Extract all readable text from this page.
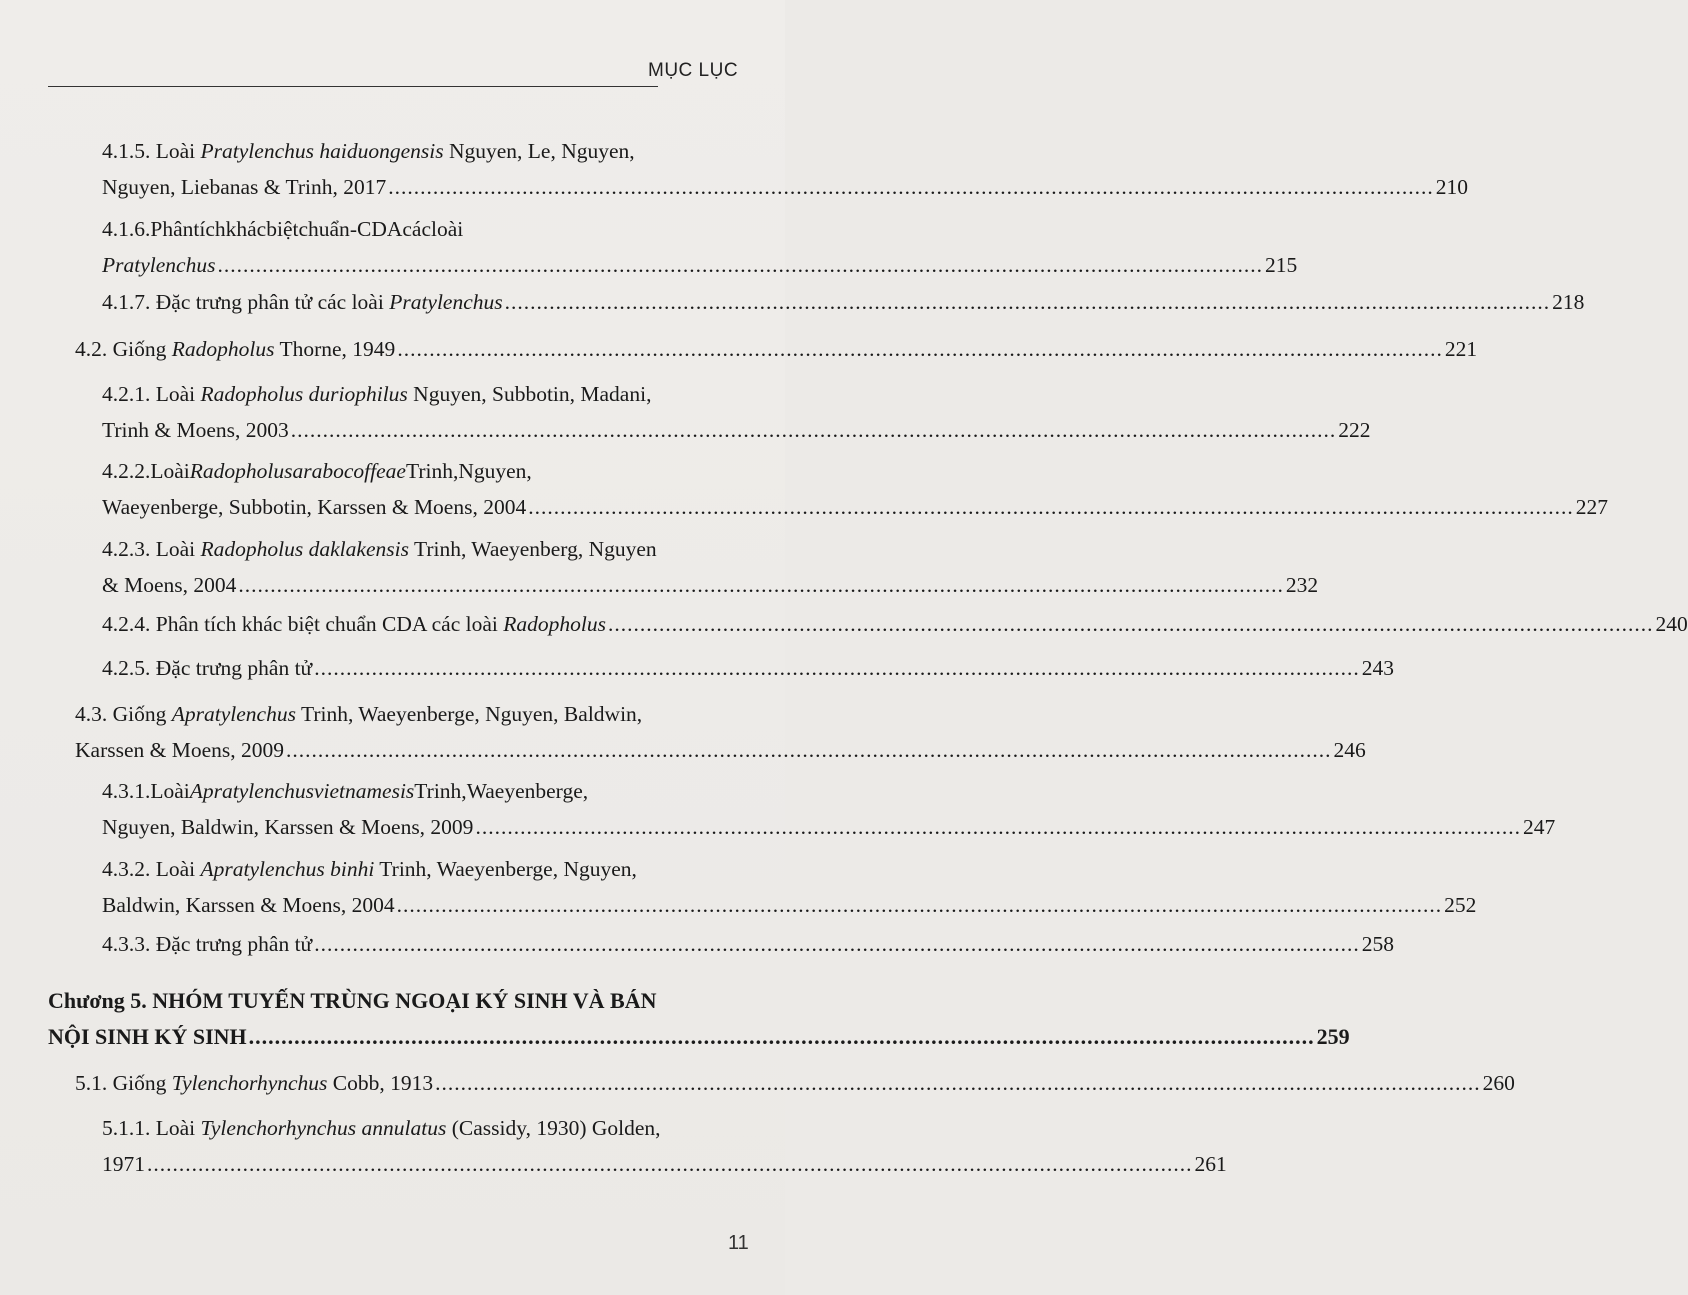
MỤC LỤC
4.1.5. Loài Pratylenchus haiduongensis Nguyen, Le, Nguyen,
Nguyen, Liebanas & Trinh, 2017 .....	210
4.1.6.Phântíchkhácbiệtchuẩn-CDAcácloài
Pratylenchus .....	215
4.1.7. Đặc trưng phân tử các loài Pratylenchus .....	218
4.2. Giống Radopholus Thorne, 1949 .....	221
4.2.1. Loài Radopholus duriophilus Nguyen, Subbotin, Madani,
Trinh & Moens, 2003 .....	222
4.2.2.LoàiRadopholusarabocoffeaeTrinh,Nguyen,
Waeyenberge, Subbotin, Karssen & Moens, 2004 .....	227
4.2.3. Loài Radopholus daklakensis Trinh, Waeyenberg, Nguyen
& Moens, 2004 .....	232
4.2.4. Phân tích khác biệt chuẩn CDA các loài Radopholus .....	240
4.2.5. Đặc trưng phân tử .....	243
4.3. Giống Apratylenchus Trinh, Waeyenberge, Nguyen, Baldwin,
Karssen & Moens, 2009 .....	246
4.3.1.LoàiApratylenchusvietnamesisTrinh,Waeyenberge,
Nguyen, Baldwin, Karssen & Moens, 2009 .....	247
4.3.2. Loài Apratylenchus binhi Trinh, Waeyenberge, Nguyen,
Baldwin, Karssen & Moens, 2004 .....	252
4.3.3. Đặc trưng phân tử .....	258
Chương 5. NHÓM TUYẾN TRÙNG NGOẠI KÝ SINH VÀ BÁN
NỘI SINH KÝ SINH .....	259
5.1. Giống Tylenchorhynchus Cobb, 1913 .....	260
5.1.1. Loài Tylenchorhynchus annulatus (Cassidy, 1930) Golden,
1971 .....	261
11
